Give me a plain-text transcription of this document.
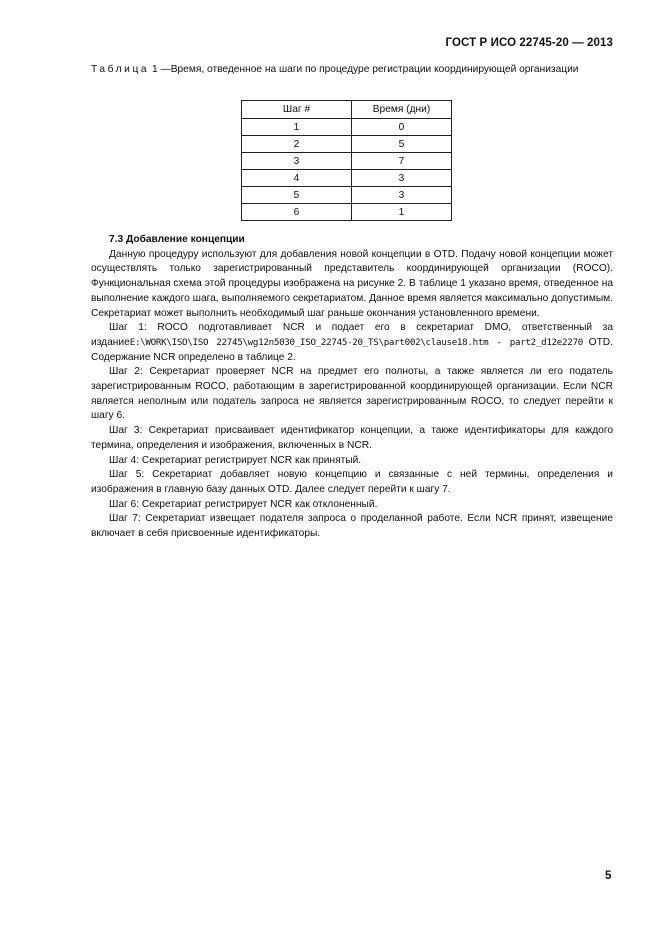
ГОСТ Р ИСО 22745-20 — 2013
Таблица 1 —Время, отведенное на шаги по процедуре регистрации координирующей организации
Шаг #	Время (дни)
1	0
2	5
3	7
4	3
5	3
6	1
7.3 Добавление концепции

Данную процедуру используют для добавления новой концепции в OTD. Подачу новой концепции может осуществлять только зарегистрированный представитель координирующей организации (ROCO). Функциональная схема этой процедуры изображена на рисунке 2. В таблице 1 указано время, отведенное на выполнение каждого шага, выполняемого секретариатом. Данное время является максимально допустимым. Секретариат может выполнить необходимый шаг раньше окончания установленного времени.

Шаг 1: ROCO подготавливает NCR и подает его в секретариат DMO, ответственный за изданиеE:\WORK\ISO\ISO 22745\wg12n5030_ISO_22745-20_TS\part002\clause18.htm - part2_d12e2270 OTD. Содержание NCR определено в таблице 2.

Шаг 2: Секретариат проверяет NCR на предмет его полноты, а также является ли его податель зарегистрированным ROCO, работающим в зарегистрированной координирующей организации. Если NCR является неполным или податель запроса не является зарегистрированным ROCO, то следует перейти к шагу 6.

Шаг 3: Секретариат присваивает идентификатор концепции, а также идентификаторы для каждого термина, определения и изображения, включенных в NCR.

Шаг 4: Секретариат регистрирует NCR как принятый.

Шаг 5: Секретариат добавляет новую концепцию и связанные с ней термины, определения и изображения в главную базу данных OTD. Далее следует перейти к шагу 7.

Шаг 6: Секретариат регистрирует NCR как отклоненный.

Шаг 7: Секретариат извещает подателя запроса о проделанной работе. Если NCR принят, извещение включает в себя присвоенные идентификаторы.

5
